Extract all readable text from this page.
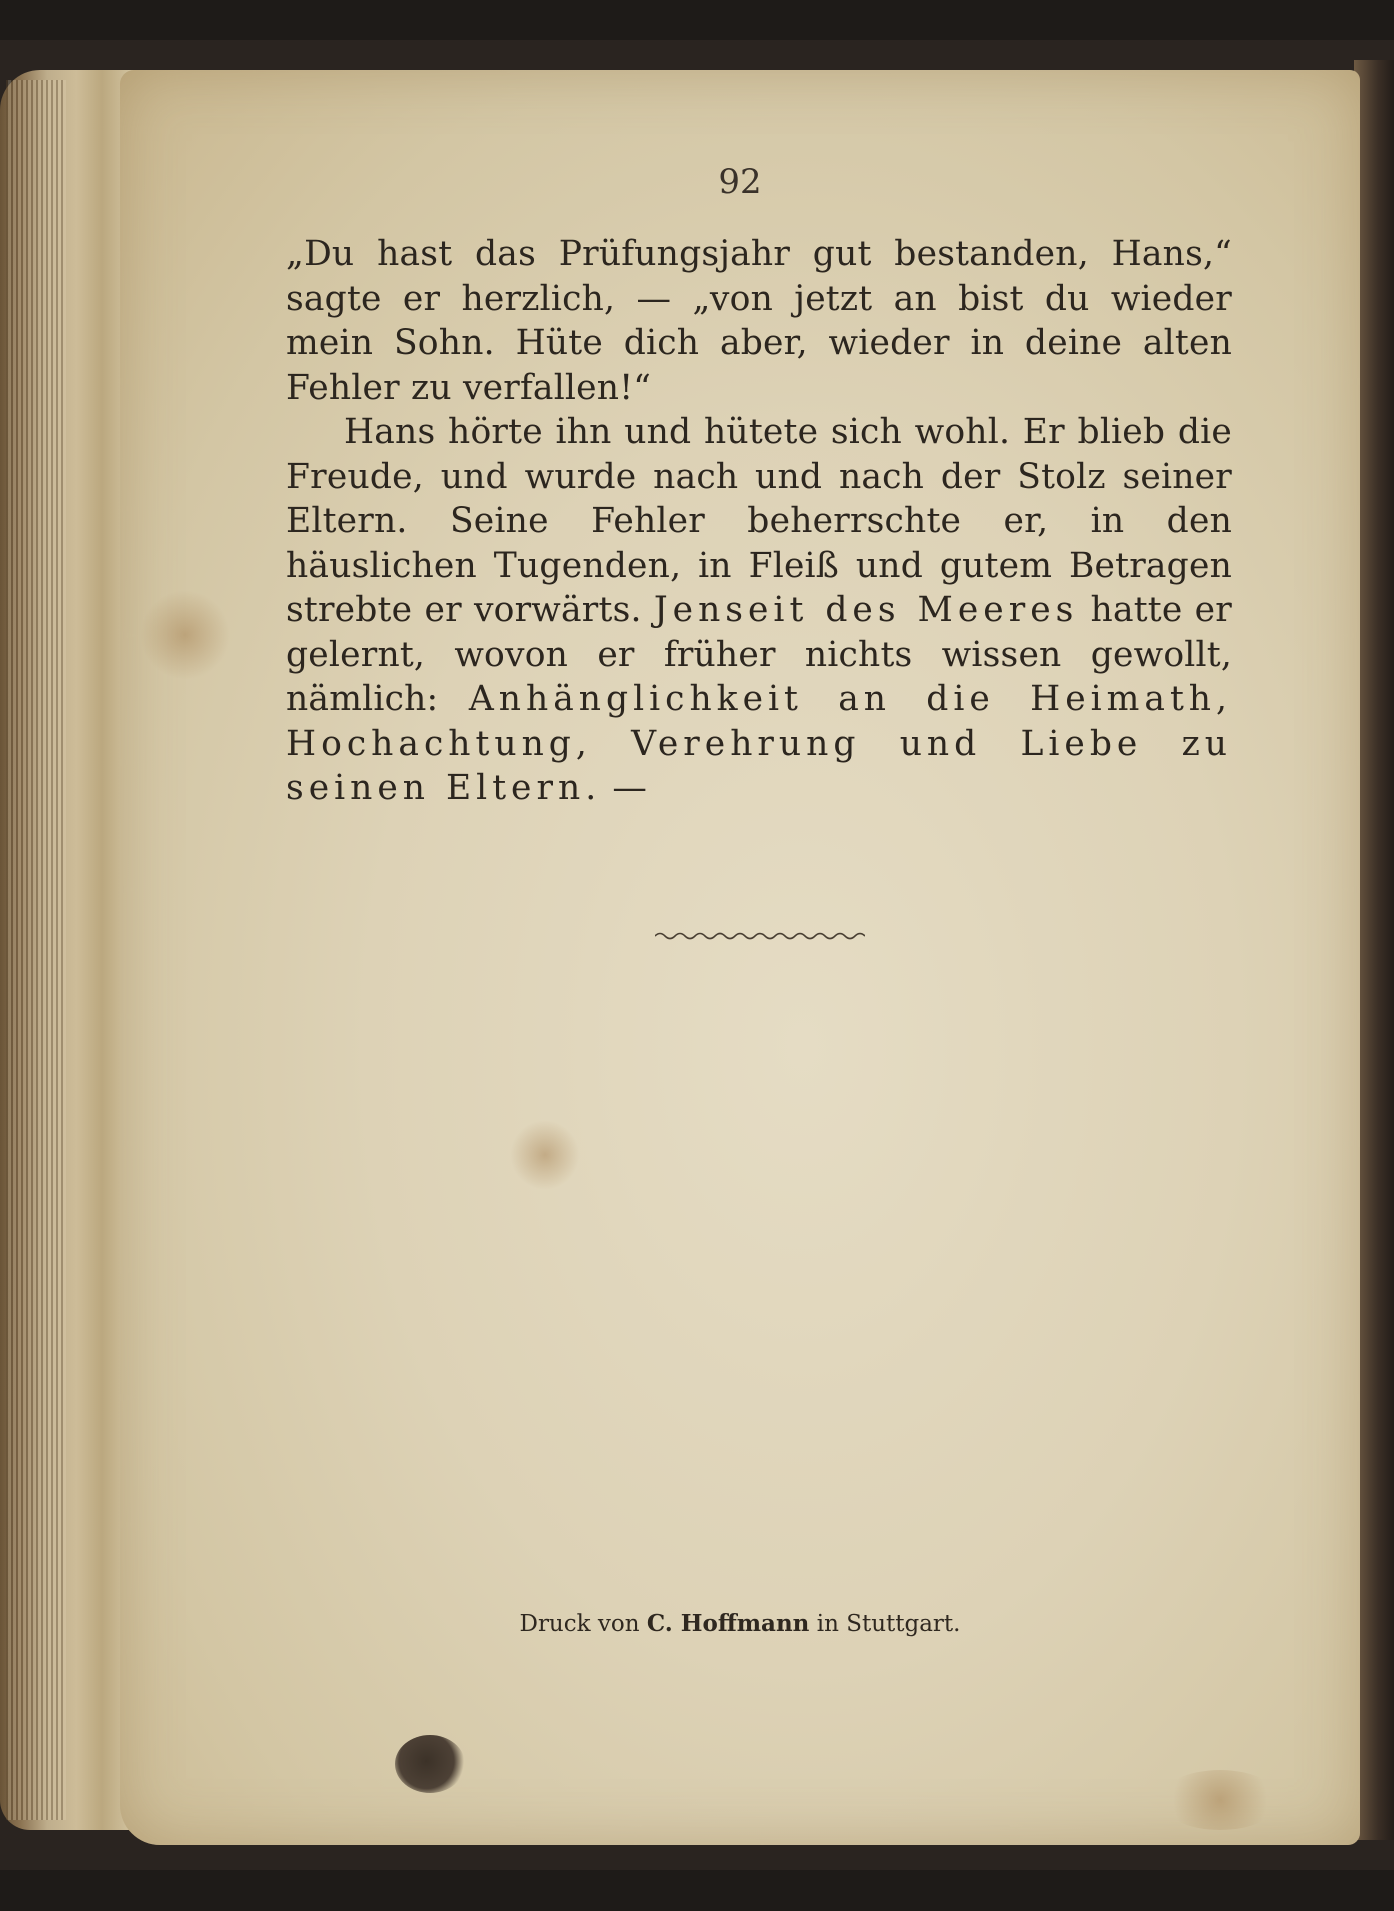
92

„Du hast das Prüfungsjahr gut bestanden, Hans,“ sagte er herzlich, — „von jetzt an bist du wieder mein Sohn. Hüte dich aber, wieder in deine alten Fehler zu verfallen!“

Hans hörte ihn und hütete sich wohl. Er blieb die Freude, und wurde nach und nach der Stolz seiner Eltern. Seine Fehler beherrschte er, in den häuslichen Tugenden, in Fleiß und gutem Betragen strebte er vorwärts. Jenseit des Meeres hatte er gelernt, wovon er früher nichts wissen gewollt, nämlich: Anhänglichkeit an die Heimath, Hochachtung, Verehrung und Liebe zu seinen Eltern. —

Druck von C. Hoffmann in Stuttgart.
